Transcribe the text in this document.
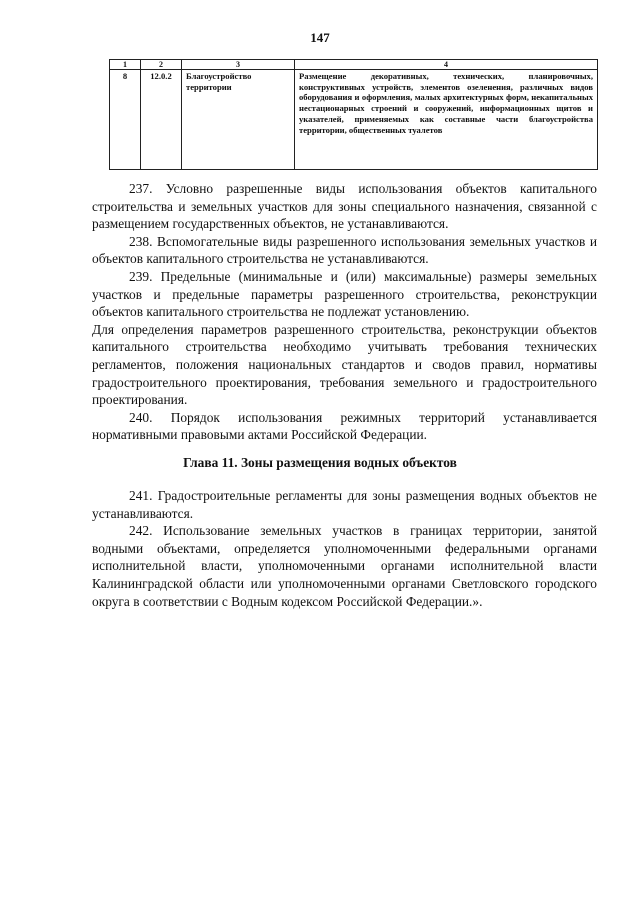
147
1	2	3	4
8	12.0.2	Благоустройство территории	Размещение декоративных, технических, планировочных, конструктивных устройств, элементов озеленения, различных видов оборудования и оформления, малых архитектурных форм, некапитальных нестационарных строений и сооружений, информационных щитов и указателей, применяемых как составные части благоустройства территории, общественных туалетов

237. Условно разрешенные виды использования объектов капитального строительства и земельных участков для зоны специального назначения, связанной с размещением государственных объектов, не устанавливаются.

238. Вспомогательные виды разрешенного использования земельных участков и объектов капитального строительства не устанавливаются.

239. Предельные (минимальные и (или) максимальные) размеры земельных участков и предельные параметры разрешенного строительства, реконструкции объектов капитального строительства не подлежат установлению.

Для определения параметров разрешенного строительства, реконструкции объектов капитального строительства необходимо учитывать требования технических регламентов, положения национальных стандартов и сводов правил, нормативы градостроительного проектирования, требования земельного и градостроительного проектирования.

240. Порядок использования режимных территорий устанавливается нормативными правовыми актами Российской Федерации.

Глава 11. Зоны размещения водных объектов

241. Градостроительные регламенты для зоны размещения водных объектов не устанавливаются.

242. Использование земельных участков в границах территории, занятой водными объектами, определяется уполномоченными федеральными органами исполнительной власти, уполномоченными органами исполнительной власти Калининградской области или уполномоченными органами Светловского городского округа в соответствии с Водным кодексом Российской Федерации.».
